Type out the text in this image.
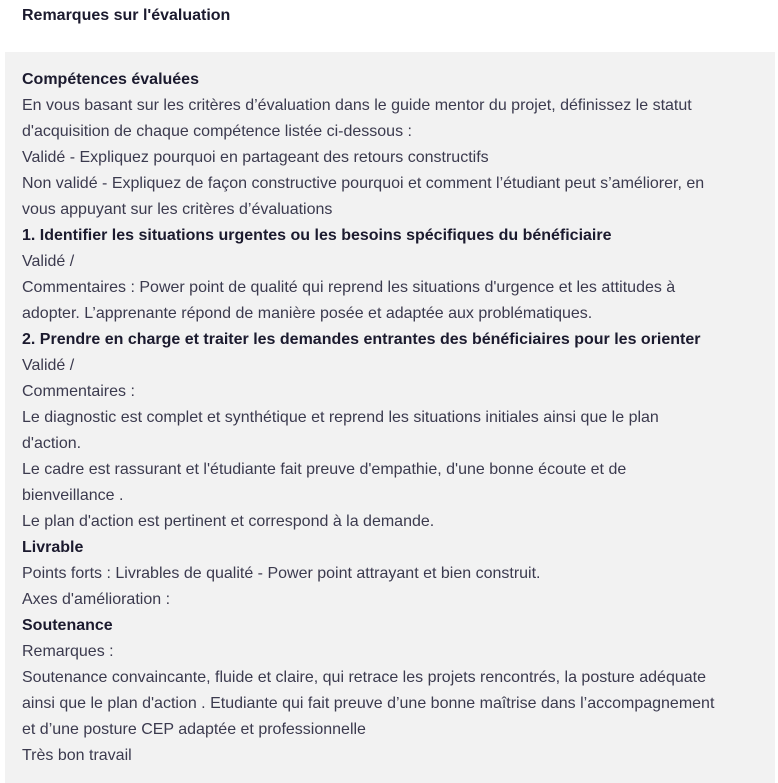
Remarques sur l'évaluation
Compétences évaluées
En vous basant sur les critères d’évaluation dans le guide mentor du projet, définissez le statut
d'acquisition de chaque compétence listée ci-dessous :
Validé - Expliquez pourquoi en partageant des retours constructifs
Non validé - Expliquez de façon constructive pourquoi et comment l’étudiant peut s’améliorer, en
vous appuyant sur les critères d’évaluations
1. Identifier les situations urgentes ou les besoins spécifiques du bénéficiaire
Validé /
Commentaires : Power point de qualité qui reprend les situations d'urgence et les attitudes à
adopter. L’apprenante répond de manière posée et adaptée aux problématiques.
2. Prendre en charge et traiter les demandes entrantes des bénéficiaires pour les orienter
Validé /
Commentaires :
Le diagnostic est complet et synthétique et reprend les situations initiales ainsi que le plan
d'action.
Le cadre est rassurant et l'étudiante fait preuve d'empathie, d'une bonne écoute et de
bienveillance .
Le plan d'action est pertinent et correspond à la demande.
Livrable
Points forts : Livrables de qualité - Power point attrayant et bien construit.
Axes d'amélioration :
Soutenance
Remarques :
Soutenance convaincante, fluide et claire, qui retrace les projets rencontrés, la posture adéquate
ainsi que le plan d'action . Etudiante qui fait preuve d’une bonne maîtrise dans l’accompagnement
et d’une posture CEP adaptée et professionnelle
Très bon travail
